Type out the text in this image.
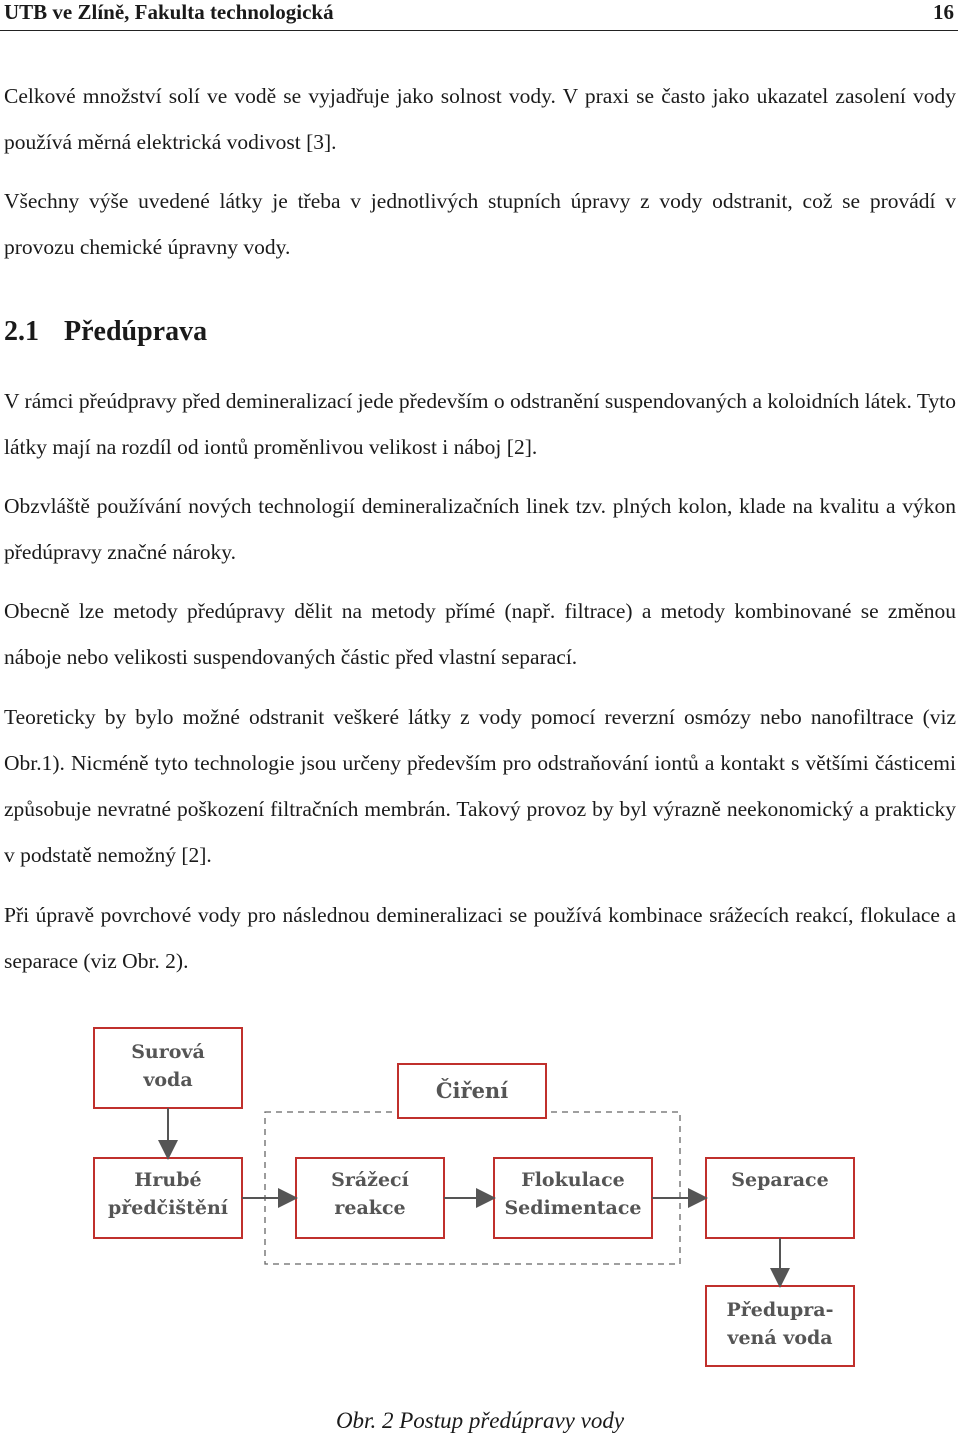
UTB ve Zlíně, Fakulta technologická	16

Celkové množství solí ve vodě se vyjadřuje jako solnost vody. V praxi se často jako ukazatel zasolení vody používá měrná elektrická vodivost [3].

Všechny výše uvedené látky je třeba v jednotlivých stupních úpravy z vody odstranit, což se provádí v provozu chemické úpravny vody.

2.1 Předúprava

V rámci přeúdpravy před demineralizací jede především o odstranění suspendovaných a koloidních látek. Tyto látky mají na rozdíl od iontů proměnlivou velikost i náboj [2].

Obzvláště používání nových technologií demineralizačních linek tzv. plných kolon, klade na kvalitu a výkon předúpravy značné nároky.

Obecně lze metody předúpravy dělit na metody přímé (např. filtrace) a metody kombinované se změnou náboje nebo velikosti suspendovaných částic před vlastní separací.

Teoreticky by bylo možné odstranit veškeré látky z vody pomocí reverzní osmózy nebo nanofiltrace (viz Obr.1). Nicméně tyto technologie jsou určeny především pro odstraňování iontů a kontakt s většími částicemi způsobuje nevratné poškození filtračních membrán. Takový provoz by byl výrazně neekonomický a prakticky v podstatě nemožný [2].

Při úpravě povrchové vody pro následnou demineralizaci se používá kombinace srážecích reakcí, flokulace a separace (viz Obr. 2).

Surová
voda	Čiření
Hrubé
předčištění
Srážecí
reakce
Flokulace
Sedimentace
Separace
Předupra-
vená voda
Obr. 2 Postup předúpravy vody
